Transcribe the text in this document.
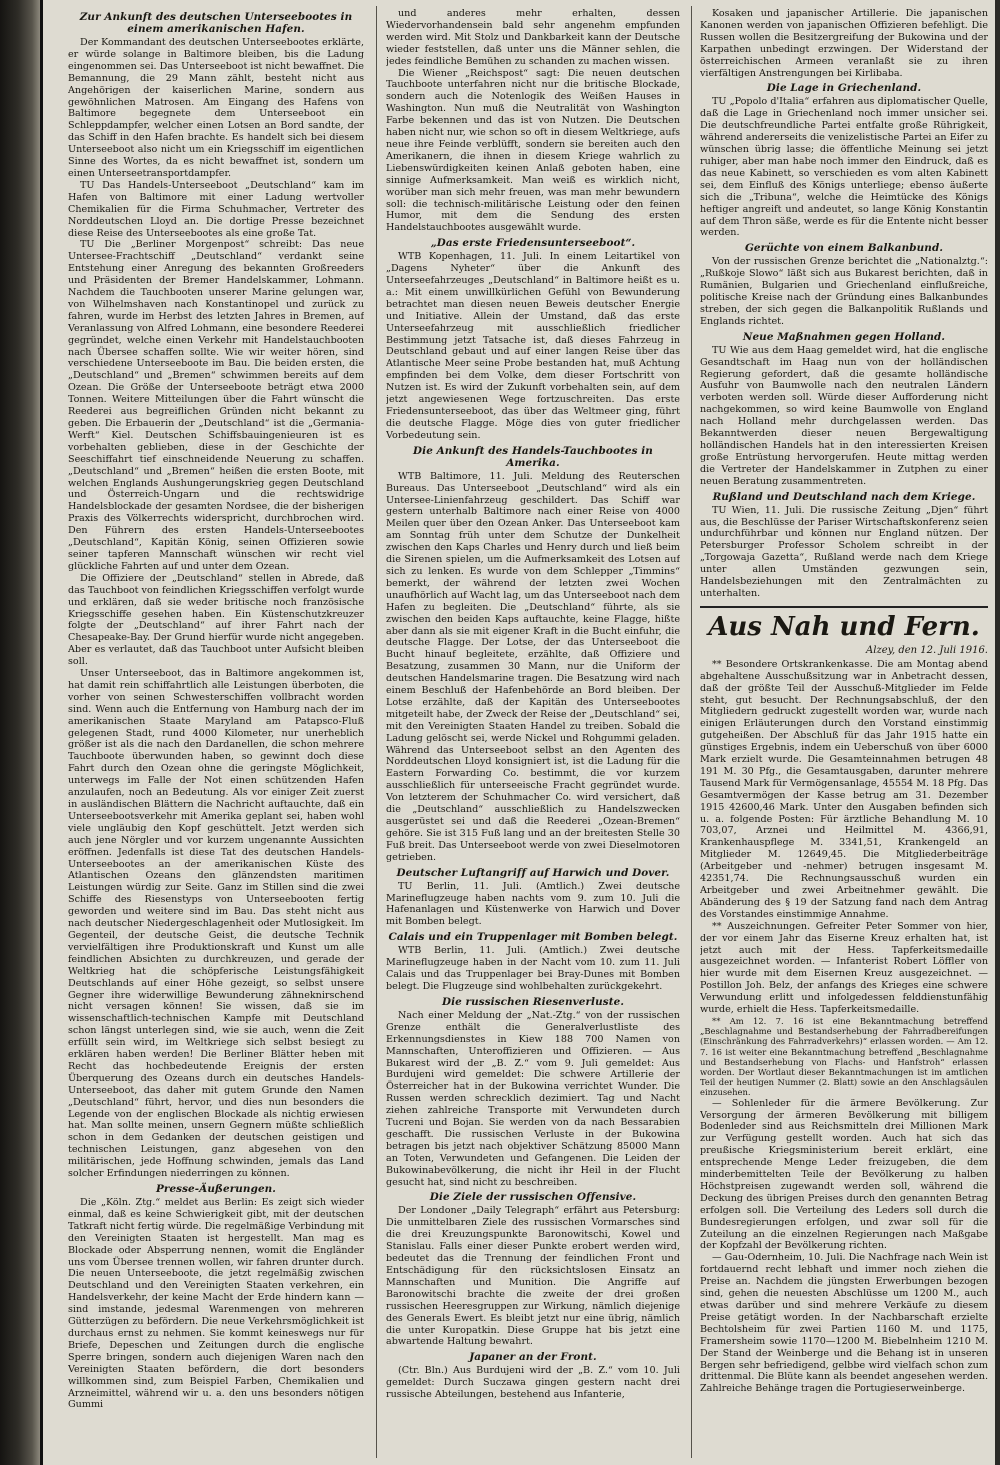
Zur Ankunft des deutschen Unterseebootes in einem amerikanischen Hafen.

Der Kommandant des deutschen Unterseebootes erklärte, er würde solange in Baltimore bleiben, bis die Ladung eingenommen sei. Das Unterseeboot ist nicht bewaffnet. Die Bemannung, die 29 Mann zählt, besteht nicht aus Angehörigen der kaiserlichen Marine, sondern aus gewöhnlichen Matrosen. Am Eingang des Hafens von Baltimore begegnete dem Unterseeboot ein Schleppdampfer, welcher einen Lotsen an Bord sandte, der das Schiff in den Hafen brachte. Es handelt sich bei diesem Unterseeboot also nicht um ein Kriegsschiff im eigentlichen Sinne des Wortes, da es nicht bewaffnet ist, sondern um einen Unterseetransportdampfer.

TU Das Handels-Unterseeboot „Deutschland“ kam im Hafen von Baltimore mit einer Ladung wertvoller Chemikalien für die Firma Schuhmacher, Vertreter des Norddeutschen Lloyd an. Die dortige Presse bezeichnet diese Reise des Unterseebootes als eine große Tat.

TU Die „Berliner Morgenpost“ schreibt: Das neue Untersee-Frachtschiff „Deutschland“ verdankt seine Entstehung einer Anregung des bekannten Großreeders und Präsidenten der Bremer Handelskammer, Lohmann. Nachdem die Tauchbooten unserer Marine gelungen war, von Wilhelmshaven nach Konstantinopel und zurück zu fahren, wurde im Herbst des letzten Jahres in Bremen, auf Veranlassung von Alfred Lohmann, eine besondere Reederei gegründet, welche einen Verkehr mit Handelstauchbooten nach Übersee schaffen sollte. Wie wir weiter hören, sind verschiedene Unterseeboote im Bau. Die beiden ersten, die „Deutschland“ und „Bremen“ schwimmen bereits auf dem Ozean. Die Größe der Unterseeboote beträgt etwa 2000 Tonnen. Weitere Mitteilungen über die Fahrt wünscht die Reederei aus begreiflichen Gründen nicht bekannt zu geben. Die Erbauerin der „Deutschland“ ist die „Germania-Werft“ Kiel. Deutschen Schiffsbauingenieuren ist es vorbehalten geblieben, diese in der Geschichte der Seeschiffahrt tief einschneidende Neuerung zu schaffen. „Deutschland“ und „Bremen“ heißen die ersten Boote, mit welchen Englands Aushungerungskrieg gegen Deutschland und Österreich-Ungarn und die rechtswidrige Handelsblockade der gesamten Nordsee, die der bisherigen Praxis des Völkerrechts widerspricht, durchbrochen wird. Den Führern des ersten Handels-Unterseebootes „Deutschland“, Kapitän König, seinen Offizieren sowie seiner tapferen Mannschaft wünschen wir recht viel glückliche Fahrten auf und unter dem Ozean.

Die Offiziere der „Deutschland“ stellen in Abrede, daß das Tauchboot von feindlichen Kriegsschiffen verfolgt wurde und erklären, daß sie weder britische noch französische Kriegsschiffe gesehen haben. Ein Küstenschutzkreuzer folgte der „Deutschland“ auf ihrer Fahrt nach der Chesapeake-Bay. Der Grund hierfür wurde nicht angegeben. Aber es verlautet, daß das Tauchboot unter Aufsicht bleiben soll.

Unser Unterseeboot, das in Baltimore angekommen ist, hat damit rein schiffahrtlich alle Leistungen überboten, die vorher von seinen Schwesterschiffen vollbracht worden sind. Wenn auch die Entfernung von Hamburg nach der im amerikanischen Staate Maryland am Patapsco-Fluß gelegenen Stadt, rund 4000 Kilometer, nur unerheblich größer ist als die nach den Dardanellen, die schon mehrere Tauchboote überwunden haben, so gewinnt doch diese Fahrt durch den Ozean ohne die geringste Möglichkeit, unterwegs im Falle der Not einen schützenden Hafen anzulaufen, noch an Bedeutung. Als vor einiger Zeit zuerst in ausländischen Blättern die Nachricht auftauchte, daß ein Unterseebootsverkehr mit Amerika geplant sei, haben wohl viele ungläubig den Kopf geschüttelt. Jetzt werden sich auch jene Nörgler und vor kurzem ungenannte Aussichten eröffnen. Jedenfalls ist diese Tat des deutschen Handels-Unterseebootes an der amerikanischen Küste des Atlantischen Ozeans den glänzendsten maritimen Leistungen würdig zur Seite. Ganz im Stillen sind die zwei Schiffe des Riesenstyps von Unterseebooten fertig geworden und weitere sind im Bau. Das steht nicht aus nach deutscher Niedergeschlagenheit oder Mutlosigkeit. Im Gegenteil, der deutsche Geist, die deutsche Technik vervielfältigen ihre Produktionskraft und Kunst um alle feindlichen Absichten zu durchkreuzen, und gerade der Weltkrieg hat die schöpferische Leistungsfähigkeit Deutschlands auf einer Höhe gezeigt, so selbst unsere Gegner ihre widerwillige Bewunderung zähneknirschend nicht versagen können! Sie wissen, daß sie im wissenschaftlich-technischen Kampfe mit Deutschland schon längst unterlegen sind, wie sie auch, wenn die Zeit erfüllt sein wird, im Weltkriege sich selbst besiegt zu erklären haben werden! Die Berliner Blätter heben mit Recht das hochbedeutende Ereignis der ersten Überquerung des Ozeans durch ein deutsches Handels-Unterseeboot, das daher mit gutem Grunde den Namen „Deutschland“ führt, hervor, und dies nun besonders die Legende von der englischen Blockade als nichtig erwiesen hat. Man sollte meinen, unsern Gegnern müßte schließlich schon in dem Gedanken der deutschen geistigen und technischen Leistungen, ganz abgesehen von den militärischen, jede Hoffnung schwinden, jemals das Land solcher Erfindungen niederringen zu können.

Presse-Äußerungen.

Die „Köln. Ztg.“ meldet aus Berlin: Es zeigt sich wieder einmal, daß es keine Schwierigkeit gibt, mit der deutschen Tatkraft nicht fertig würde. Die regelmäßige Verbindung mit den Vereinigten Staaten ist hergestellt. Man mag es Blockade oder Absperrung nennen, womit die Engländer uns vom Übersee trennen wollen, wir fahren drunter durch. Die neuen Unterseeboote, die jetzt regelmäßig zwischen Deutschland und den Vereinigten Staaten verkehren, ein Handelsverkehr, der keine Macht der Erde hindern kann — sind imstande, jedesmal Warenmengen von mehreren Gütterzügen zu befördern. Die neue Verkehrsmöglichkeit ist durchaus ernst zu nehmen. Sie kommt keineswegs nur für Briefe, Depeschen und Zeitungen durch die englische Sperre bringen, sondern auch diejenigen Waren nach den Vereinigten Staaten befördern, die dort besonders willkommen sind, zum Beispiel Farben, Chemikalien und Arzneimittel, während wir u. a. den uns besonders nötigen Gummi

und anderes mehr erhalten, dessen Wiedervorhandensein bald sehr angenehm empfunden werden wird. Mit Stolz und Dankbarkeit kann der Deutsche wieder feststellen, daß unter uns die Männer sehlen, die jedes feindliche Bemühen zu schanden zu machen wissen.

Die Wiener „Reichspost“ sagt: Die neuen deutschen Tauchboote unterfahren nicht nur die britische Blockade, sondern auch die Notenlogik des Weißen Hauses in Washington. Nun muß die Neutralität von Washington Farbe bekennen und das ist von Nutzen. Die Deutschen haben nicht nur, wie schon so oft in diesem Weltkriege, aufs neue ihre Feinde verblüfft, sondern sie bereiten auch den Amerikanern, die ihnen in diesem Kriege wahrlich zu Liebenswürdigkeiten keinen Anlaß geboten haben, eine sinnige Aufmerksamkeit. Man weiß es wirklich nicht, worüber man sich mehr freuen, was man mehr bewundern soll: die technisch-militärische Leistung oder den feinen Humor, mit dem die Sendung des ersten Handelstauchbootes ausgewählt wurde.

„Das erste Friedensunterseeboot“.

WTB Kopenhagen, 11. Juli. In einem Leitartikel von „Dagens Nyheter“ über die Ankunft des Unterseefahrzeuges „Deutschland“ in Baltimore heißt es u. a.: Mit einem unwillkürlichen Gefühl von Bewunderung betrachtet man diesen neuen Beweis deutscher Energie und Initiative. Allein der Umstand, daß das erste Unterseefahrzeug mit ausschließlich friedlicher Bestimmung jetzt Tatsache ist, daß dieses Fahrzeug in Deutschland gebaut und auf einer langen Reise über das Atlantische Meer seine Probe bestanden hat, muß Achtung empfinden bei dem Volke, dem dieser Fortschritt von Nutzen ist. Es wird der Zukunft vorbehalten sein, auf dem jetzt angewiesenen Wege fortzuschreiten. Das erste Friedensunterseeboot, das über das Weltmeer ging, führt die deutsche Flagge. Möge dies von guter friedlicher Vorbedeutung sein.

Die Ankunft des Handels-Tauchbootes in Amerika.

WTB Baltimore, 11. Juli. Meldung des Reuterschen Bureaus. Das Unterseeboot „Deutschland“ wird als ein Untersee-Linienfahrzeug geschildert. Das Schiff war gestern unterhalb Baltimore nach einer Reise von 4000 Meilen quer über den Ozean Anker. Das Unterseeboot kam am Sonntag früh unter dem Schutze der Dunkelheit zwischen den Kaps Charles und Henry durch und ließ beim die Sirenen spielen, um die Aufmerksamkeit des Lotsen auf sich zu lenken. Es wurde von dem Schlepper „Timmins“ bemerkt, der während der letzten zwei Wochen unaufhörlich auf Wacht lag, um das Unterseeboot nach dem Hafen zu begleiten. Die „Deutschland“ führte, als sie zwischen den beiden Kaps auftauchte, keine Flagge, hißte aber dann als sie mit eigener Kraft in die Bucht einfuhr, die deutsche Flagge. Der Lotse, der das Unterseeboot die Bucht hinauf begleitete, erzählte, daß Offiziere und Besatzung, zusammen 30 Mann, nur die Uniform der deutschen Handelsmarine tragen. Die Besatzung wird nach einem Beschluß der Hafenbehörde an Bord bleiben. Der Lotse erzählte, daß der Kapitän des Unterseebootes mitgeteilt habe, der Zweck der Reise der „Deutschland“ sei, mit den Vereinigten Staaten Handel zu treiben. Sobald die Ladung gelöscht sei, werde Nickel und Rohgummi geladen. Während das Unterseeboot selbst an den Agenten des Norddeutschen Lloyd konsigniert ist, ist die Ladung für die Eastern Forwarding Co. bestimmt, die vor kurzem ausschließlich für unterseeische Fracht gegründet wurde. Von letzterem der Schuhmacher Co. wird versichert, daß die „Deutschland“ ausschließlich zu Handelszwecken ausgerüstet sei und daß die Reederei „Ozean-Bremen“ gehöre. Sie ist 315 Fuß lang und an der breitesten Stelle 30 Fuß breit. Das Unterseeboot werde von zwei Dieselmotoren getrieben.

Deutscher Luftangriff auf Harwich und Dover.

TU Berlin, 11. Juli. (Amtlich.) Zwei deutsche Marineflugzeuge haben nachts vom 9. zum 10. Juli die Hafenanlagen und Küstenwerke von Harwich und Dover mit Bomben belegt.

Calais und ein Truppenlager mit Bomben belegt.

WTB Berlin, 11. Juli. (Amtlich.) Zwei deutsche Marineflugzeuge haben in der Nacht vom 10. zum 11. Juli Calais und das Truppenlager bei Bray-Dunes mit Bomben belegt. Die Flugzeuge sind wohlbehalten zurückgekehrt.

Die russischen Riesenverluste.

Nach einer Meldung der „Nat.-Ztg.“ von der russischen Grenze enthält die Generalverlustliste des Erkennungsdienstes in Kiew 188 700 Namen von Mannschaften, Unteroffizieren und Offizieren. — Aus Bukarest wird der „B. Z.“ vom 9. Juli gemeldet: Aus Burdujeni wird gemeldet: Die schwere Artillerie der Österreicher hat in der Bukowina verrichtet Wunder. Die Russen werden schrecklich dezimiert. Tag und Nacht ziehen zahlreiche Transporte mit Verwundeten durch Tucreni und Bojan. Sie werden von da nach Bessarabien geschafft. Die russischen Verluste in der Bukowina betragen bis jetzt nach objektiver Schätzung 85000 Mann an Toten, Verwundeten und Gefangenen. Die Leiden der Bukowinabevölkerung, die nicht ihr Heil in der Flucht gesucht hat, sind nicht zu beschreiben.

Die Ziele der russischen Offensive.

Der Londoner „Daily Telegraph“ erfährt aus Petersburg: Die unmittelbaren Ziele des russischen Vormarsches sind die drei Kreuzungspunkte Baronowitschi, Kowel und Stanislau. Falls einer dieser Punkte erobert werden wird, bedeutet das die Trennung der feindlichen Front und Entschädigung für den rücksichtslosen Einsatz an Mannschaften und Munition. Die Angriffe auf Baronowitschi brachte die zweite der drei großen russischen Heeresgruppen zur Wirkung, nämlich diejenige des Generals Ewert. Es bleibt jetzt nur eine übrig, nämlich die unter Kuropatkin. Diese Gruppe hat bis jetzt eine abwartende Haltung bewahrt.

Japaner an der Front.

(Ctr. Bln.) Aus Burdujeni wird der „B. Z.“ vom 10. Juli gemeldet: Durch Suczawa gingen gestern nacht drei russische Abteilungen, bestehend aus Infanterie,

Kosaken und japanischer Artillerie. Die japanischen Kanonen werden von japanischen Offizieren befehligt. Die Russen wollen die Besitzergreifung der Bukowina und der Karpathen unbedingt erzwingen. Der Widerstand der österreichischen Armeen veranlaßt sie zu ihren vierfältigen Anstrengungen bei Kirlibaba.

Die Lage in Griechenland.

TU „Popolo d'Italia“ erfahren aus diplomatischer Quelle, daß die Lage in Griechenland noch immer unsicher sei. Die deutschfreundliche Partei entfalte große Rührigkeit, während andererseits die venizelistische Partei an Eifer zu wünschen übrig lasse; die öffentliche Meinung sei jetzt ruhiger, aber man habe noch immer den Eindruck, daß es das neue Kabinett, so verschieden es vom alten Kabinett sei, dem Einfluß des Königs unterliege; ebenso äußerte sich die „Tribuna“, welche die Heimtücke des Königs heftiger angreift und andeutet, so lange König Konstantin auf dem Thron säße, werde es für die Entente nicht besser werden.

Gerüchte von einem Balkanbund.

Von der russischen Grenze berichtet die „Nationalztg.“: „Rußkoje Slowo“ läßt sich aus Bukarest berichten, daß in Rumänien, Bulgarien und Griechenland einflußreiche, politische Kreise nach der Gründung eines Balkanbundes streben, der sich gegen die Balkanpolitik Rußlands und Englands richtet.

Neue Maßnahmen gegen Holland.

TU Wie aus dem Haag gemeldet wird, hat die englische Gesandtschaft im Haag nun von der holländischen Regierung gefordert, daß die gesamte holländische Ausfuhr von Baumwolle nach den neutralen Ländern verboten werden soll. Würde dieser Aufforderung nicht nachgekommen, so wird keine Baumwolle von England nach Holland mehr durchgelassen werden. Das Bekanntwerden dieser neuen Bergewaltigung holländischen Handels hat in den interessierten Kreisen große Entrüstung hervorgerufen. Heute mittag werden die Vertreter der Handelskammer in Zutphen zu einer neuen Beratung zusammentreten.

Rußland und Deutschland nach dem Kriege.

TU Wien, 11. Juli. Die russische Zeitung „Djen“ führt aus, die Beschlüsse der Pariser Wirtschaftskonferenz seien undurchführbar und können nur England nützen. Der Petersburger Professor Scholem schreibt in der „Torgowaja Gazetta“, Rußland werde nach dem Kriege unter allen Umständen gezwungen sein, Handelsbeziehungen mit den Zentralmächten zu unterhalten.

Aus Nah und Fern.
Alzey, den 12. Juli 1916.

** Besondere Ortskrankenkasse. Die am Montag abend abgehaltene Ausschußsitzung war in Anbetracht dessen, daß der größte Teil der Ausschuß-Mitglieder im Felde steht, gut besucht. Der Rechnungsabschluß, der den Mitgliedern gedruckt zugestellt worden war, wurde nach einigen Erläuterungen durch den Vorstand einstimmig gutgeheißen. Der Abschluß für das Jahr 1915 hatte ein günstiges Ergebnis, indem ein Ueberschuß von über 6000 Mark erzielt wurde. Die Gesamteinnahmen betrugen 48 191 M. 30 Pfg., die Gesamtausgaben, darunter mehrere Tausend Mark für Vermögensanlage, 45554 M. 18 Pfg. Das Gesamtvermögen der Kasse betrug am 31. Dezember 1915 42600,46 Mark. Unter den Ausgaben befinden sich u. a. folgende Posten: Für ärztliche Behandlung M. 10 703,07, Arznei und Heilmittel M. 4366,91, Krankenhauspflege M. 3341,51, Krankengeld an Mitglieder M. 12649,45. Die Mitgliederbeiträge (Arbeitgeber und -nehmer) betrugen insgesamt M. 42351,74. Die Rechnungsausschuß wurden ein Arbeitgeber und zwei Arbeitnehmer gewählt. Die Abänderung des § 19 der Satzung fand nach dem Antrag des Vorstandes einstimmige Annahme.

** Auszeichnungen. Gefreiter Peter Sommer von hier, der vor einem Jahr das Eiserne Kreuz erhalten hat, ist jetzt auch mit der Hess. Tapferkeitsmedaille ausgezeichnet worden. — Infanterist Robert Löffler von hier wurde mit dem Eisernen Kreuz ausgezeichnet. — Postillon Joh. Belz, der anfangs des Krieges eine schwere Verwundung erlitt und infolgedessen felddienstunfähig wurde, erhielt die Hess. Tapferkeitsmedaille.

** Am 12. 7. 16 ist eine Bekanntmachung betreffend „Beschlagnahme und Bestandserhebung der Fahrradbereifungen (Einschränkung des Fahrradverkehrs)“ erlassen worden. — Am 12. 7. 16 ist weiter eine Bekanntmachung betreffend „Beschlagnahme und Bestandserhebung von Flachs- und Hanfstroh“ erlassen worden. Der Wortlaut dieser Bekanntmachungen ist im amtlichen Teil der heutigen Nummer (2. Blatt) sowie an den Anschlagsäulen einzusehen.

— Sohlenleder für die ärmere Bevölkerung. Zur Versorgung der ärmeren Bevölkerung mit billigem Bodenleder sind aus Reichsmitteln drei Millionen Mark zur Verfügung gestellt worden. Auch hat sich das preußische Kriegsministerium bereit erklärt, eine entsprechende Menge Leder freizugeben, die dem minderbemittelten Teile der Bevölkerung zu halben Höchstpreisen zugewandt werden soll, während die Deckung des übrigen Preises durch den genannten Betrag erfolgen soll. Die Verteilung des Leders soll durch die Bundesregierungen erfolgen, und zwar soll für die Zuteilung an die einzelnen Regierungen nach Maßgabe der Kopfzahl der Bevölkerung richten.

— Gau-Odernheim, 10. Juli. Die Nachfrage nach Wein ist fortdauernd recht lebhaft und immer noch ziehen die Preise an. Nachdem die jüngsten Erwerbungen bezogen sind, gehen die neuesten Abschlüsse um 1200 M., auch etwas darüber und sind mehrere Verkäufe zu diesem Preise getätigt worden. In der Nachbarschaft erzielte Bechtolsheim für zwei Partien 1160 M. und 1175, Framersheim sowie 1170—1200 M. Biebelnheim 1210 M. Der Stand der Weinberge und die Behang ist in unseren Bergen sehr befriedigend, gelbbe wird vielfach schon zum drittenmal. Die Blüte kann als beendet angesehen werden. Zahlreiche Behänge tragen die Portugieserweinberge.
